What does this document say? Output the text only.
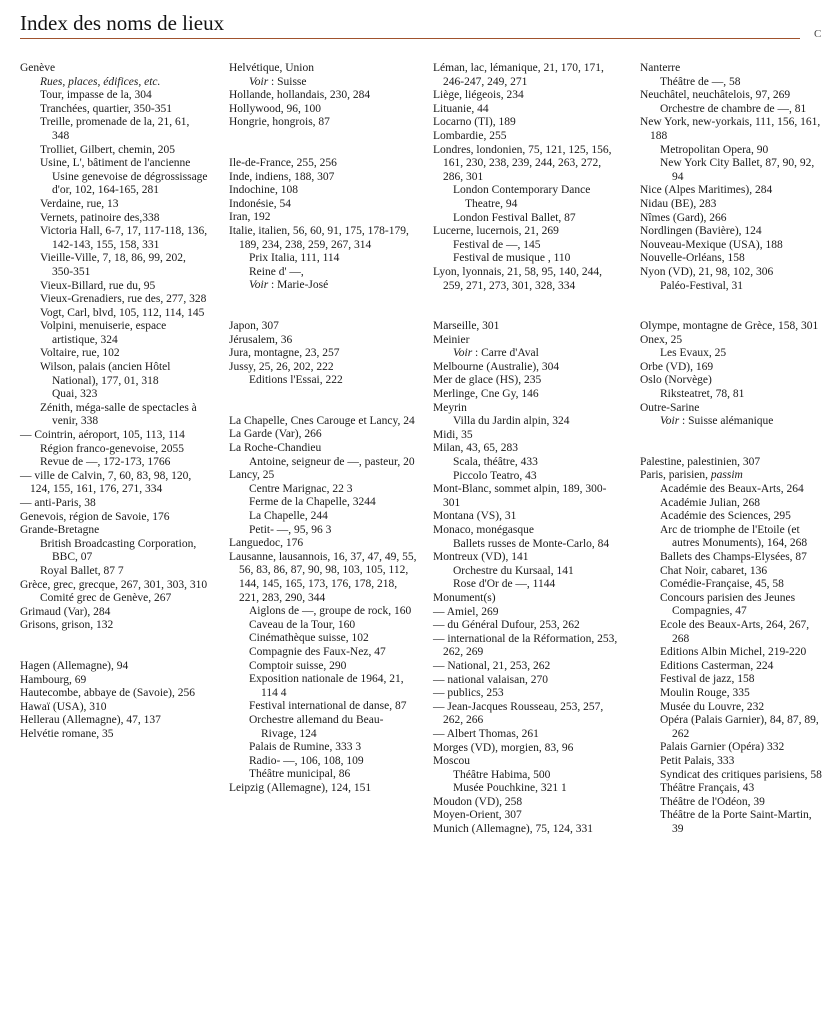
Index des noms de lieux	C

Genève

Rues, places, édifices, etc.

Tour, impasse de la, 304

Tranchées, quartier, 350-351

Treille, promenade de la, 21, 61, 348

Trolliet, Gilbert, chemin, 205

Usine, L', bâtiment de l'ancienne Usine genevoise de dégrossissage d'or, 102, 164-165, 281

Verdaine, rue, 13

Vernets, patinoire des,338

Victoria Hall, 6-7, 17, 117-118, 136, 142-143, 155, 158, 331

Vieille-Ville, 7, 18, 86, 99, 202, 350-351

Vieux-Billard, rue du, 95

Vieux-Grenadiers, rue des, 277, 328

Vogt, Carl, blvd, 105, 112, 114, 145

Volpini, menuiserie, espace artistique, 324

Voltaire, rue, 102

Wilson, palais (ancien Hôtel National), 177, 01, 318

Quai, 323

Zénith, méga-salle de spectacles à venir, 338

— Cointrin, aéroport, 105, 113, 114

Région franco-genevoise, 2055

Revue de —, 172-173, 1766

— ville de Calvin, 7, 60, 83, 98, 120, 124, 155, 161, 176, 271, 334

— anti-Paris, 38

Genevois, région de Savoie, 176

Grande-Bretagne

British Broadcasting Corporation, BBC, 07

Royal Ballet, 87 7

Grèce, grec, grecque, 267, 301, 303, 310

Comité grec de Genève, 267

Grimaud (Var), 284

Grisons, grison, 132

Hagen (Allemagne), 94

Hambourg, 69

Hautecombe, abbaye de (Savoie), 256

Hawaï (USA), 310

Hellerau (Allemagne), 47, 137

Helvétie romane, 35

Helvétique, Union

Voir : Suisse

Hollande, hollandais, 230, 284

Hollywood, 96, 100

Hongrie, hongrois, 87

Ile-de-France, 255, 256

Inde, indiens, 188, 307

Indochine, 108

Indonésie, 54

Iran, 192

Italie, italien, 56, 60, 91, 175, 178-179, 189, 234, 238, 259, 267, 314

Prix Italia, 111, 114

Reine d' —,

Voir : Marie-José

Japon, 307

Jérusalem, 36

Jura, montagne, 23, 257

Jussy, 25, 26, 202, 222

Editions l'Essai, 222

La Chapelle, Cnes Carouge et Lancy, 24

La Garde (Var), 266

La Roche-Chandieu

Antoine, seigneur de —, pasteur, 20

Lancy, 25

Centre Marignac, 22 3

Ferme de la Chapelle, 3244

La Chapelle, 244

Petit- —, 95, 96 3

Languedoc, 176

Lausanne, lausannois, 16, 37, 47, 49, 55, 56, 83, 86, 87, 90, 98, 103, 105, 112, 144, 145, 165, 173, 176, 178, 218, 221, 283, 290, 344

Aiglons de —, groupe de rock, 160

Caveau de la Tour, 160

Cinémathèque suisse, 102

Compagnie des Faux-Nez, 47

Comptoir suisse, 290

Exposition nationale de 1964, 21, 114 4

Festival international de danse, 87

Orchestre allemand du Beau-Rivage, 124

Palais de Rumine, 333 3

Radio- —, 106, 108, 109

Théâtre municipal, 86

Leipzig (Allemagne), 124, 151

Léman, lac, lémanique, 21, 170, 171, 246-247, 249, 271

Liège, liégeois, 234

Lituanie, 44

Locarno (TI), 189

Lombardie, 255

Londres, londonien, 75, 121, 125, 156, 161, 230, 238, 239, 244, 263, 272, 286, 301

London Contemporary Dance Theatre, 94

London Festival Ballet, 87

Lucerne, lucernois, 21, 269

Festival de —, 145

Festival de musique , 110

Lyon, lyonnais, 21, 58, 95, 140, 244, 259, 271, 273, 301, 328, 334

Marseille, 301

Meinier

Voir : Carre d'Aval

Melbourne (Australie), 304

Mer de glace (HS), 235

Merlinge, Cne Gy, 146

Meyrin

Villa du Jardin alpin, 324

Midi, 35

Milan, 43, 65, 283

Scala, théâtre, 433

Piccolo Teatro, 43

Mont-Blanc, sommet alpin, 189, 300-301

Montana (VS), 31

Monaco, monégasque

Ballets russes de Monte-Carlo, 84

Montreux (VD), 141

Orchestre du Kursaal, 141

Rose d'Or de —, 1144

Monument(s)

— Amiel, 269

— du Général Dufour, 253, 262

— international de la Réformation, 253, 262, 269

— National, 21, 253, 262

— national valaisan, 270

— publics, 253

— Jean-Jacques Rousseau, 253, 257, 262, 266

— Albert Thomas, 261

Morges (VD), morgien, 83, 96

Moscou

Théâtre Habima, 500

Musée Pouchkine, 321 1

Moudon (VD), 258

Moyen-Orient, 307

Munich (Allemagne), 75, 124, 331

Nanterre

Théâtre de —, 58

Neuchâtel, neuchâtelois, 97, 269

Orchestre de chambre de —, 81

New York, new-yorkais, 111, 156, 161, 188

Metropolitan Opera, 90

New York City Ballet, 87, 90, 92, 94

Nice (Alpes Maritimes), 284

Nidau (BE), 283

Nîmes (Gard), 266

Nordlingen (Bavière), 124

Nouveau-Mexique (USA), 188

Nouvelle-Orléans, 158

Nyon (VD), 21, 98, 102, 306

Paléo-Festival, 31

Olympe, montagne de Grèce, 158, 301

Onex, 25

Les Evaux, 25

Orbe (VD), 169

Oslo (Norvège)

Riksteatret, 78, 81

Outre-Sarine

Voir : Suisse alémanique

Palestine, palestinien, 307

Paris, parisien, passim

Académie des Beaux-Arts, 264

Académie Julian, 268

Académie des Sciences, 295

Arc de triomphe de l'Etoile (et autres Monuments), 164, 268

Ballets des Champs-Elysées, 87

Chat Noir, cabaret, 136

Comédie-Française, 45, 58

Concours parisien des Jeunes Compagnies, 47

Ecole des Beaux-Arts, 264, 267, 268

Editions Albin Michel, 219-220

Editions Casterman, 224

Festival de jazz, 158

Moulin Rouge, 335

Musée du Louvre, 232

Opéra (Palais Garnier), 84, 87, 89, 262

Palais Garnier (Opéra) 332

Petit Palais, 333

Syndicat des critiques parisiens, 58

Théâtre Français, 43

Théâtre de l'Odéon, 39

Théâtre de la Porte Saint-Martin, 39
